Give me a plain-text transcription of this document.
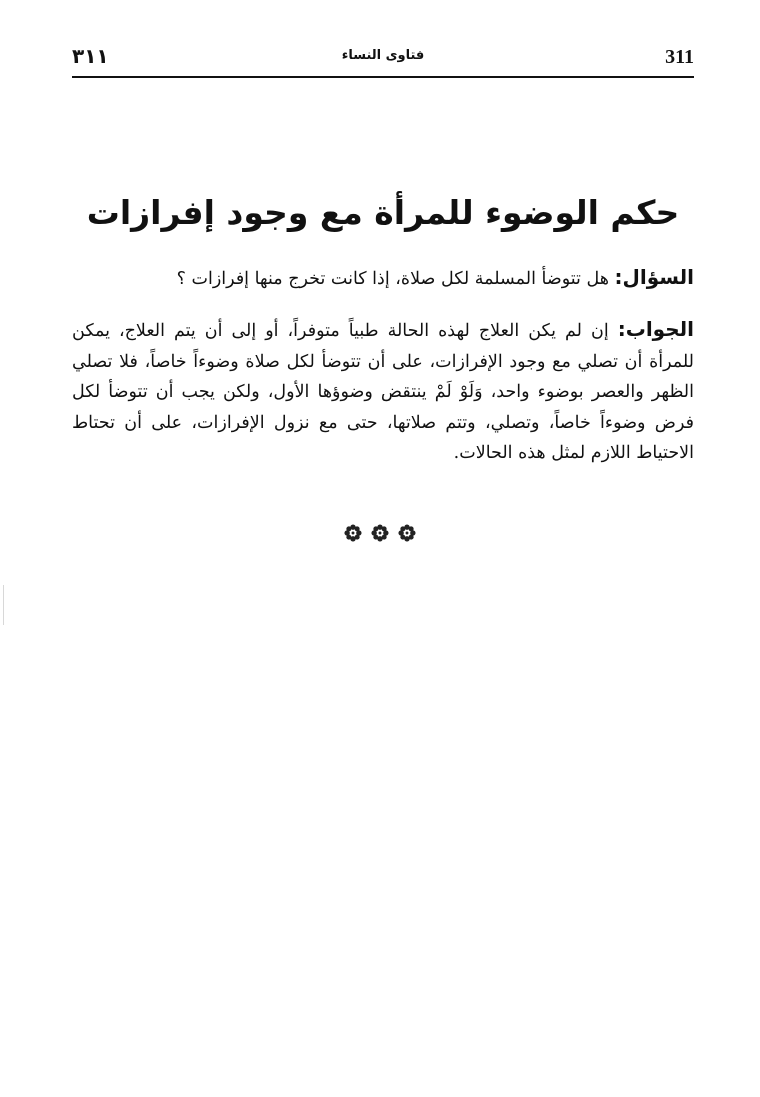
٣١١	فتاوى النساء	311
حكم الوضوء للمرأة مع وجود إفرازات

السؤال: هل تتوضأ المسلمة لكل صلاة، إذا كانت تخرج منها إفرازات ؟

الجواب: إن لم يكن العلاج لهذه الحالة طبياً متوفراً، أو إلى أن يتم العلاج، يمكن للمرأة أن تصلي مع وجود الإفرازات، على أن تتوضأ لكل صلاة وضوءاً خاصاً، فلا تصلي الظهر والعصر بوضوء واحد، وَلَوْ لَمْ ينتقض وضوؤها الأول، ولكن يجب أن تتوضأ لكل فرض وضوءاً خاصاً، وتصلي، وتتم صلاتها، حتى مع نزول الإفرازات، على أن تحتاط الاحتياط اللازم لمثل هذه الحالات.
